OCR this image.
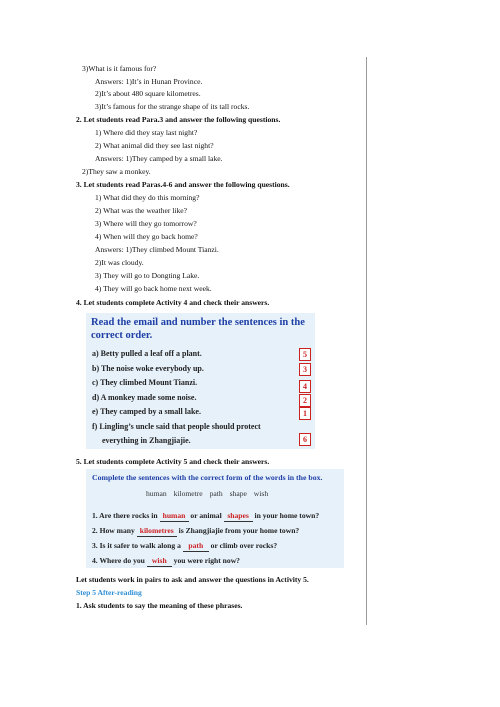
3)What is it famous for?
Answers: 1)It’s in Hunan Province.
2)It’s about 480 square kilometres.
3)It’s famous for the strange shape of its tall rocks.
2. Let students read Para.3 and answer the following questions.
1) Where did they stay last night?
2) What animal did they see last night?
Answers: 1)They camped by a small lake.
2)They saw a monkey.
3. Let students read Paras.4-6 and answer the following questions.
1) What did they do this morning?
2) What was the weather like?
3) Where will they go tomorrow?
4) When will they go back home?
Answers: 1)They climbed Mount Tianzi.
2)It was cloudy.
3) They will go to Dongting Lake.
4) They will go back home next week.
4. Let students complete Activity 4 and check their answers.
Read the email and number the sentences in the correct order.
a) Betty pulled a leaf off a plant.	5
b) The noise woke everybody up.	3
c) They climbed Mount Tianzi.	4
d) A monkey made some noise.	2
e) They camped by a small lake.	1
f) Lingling’s uncle said that people should protect
everything in Zhangjiajie.	6
5. Let students complete Activity 5 and check their answers.
Complete the sentences with the correct form of the words in the box.
human kilometre path shape wish
1. Are there rocks in human or animal shapes in your home town?
2. How many kilometres is Zhangjiajie from your home town?
3. Is it safer to walk along a path or climb over rocks?
4. Where do you wish you were right now?
Let students work in pairs to ask and answer the questions in Activity 5.
Step 5 After-reading
1. Ask students to say the meaning of these phrases.
